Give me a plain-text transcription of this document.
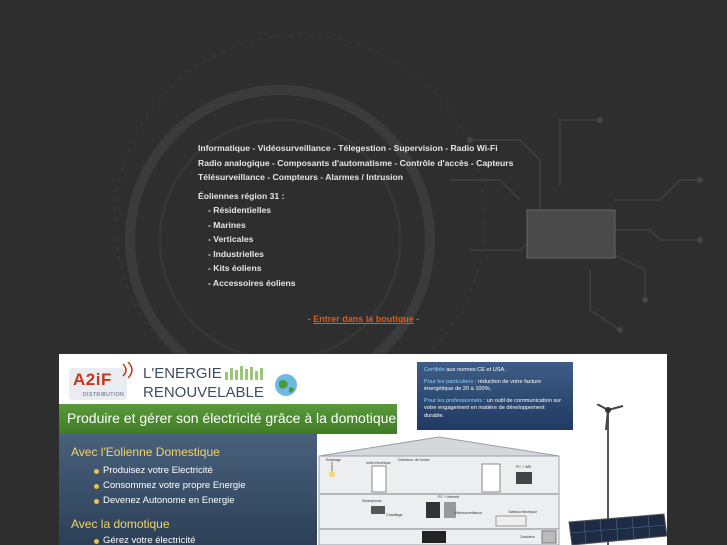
Informatique - Vidéosurveillance - Télegestion - Supervision - Radio Wi-Fi
Radio analogique - Composants d'automatisme - Contrôle d'accès - Capteurs
Télésurveillance - Compteurs - Alarmes / Intrusion
Éoliennes région 31 :
- Résidentielles
- Marines
- Verticales
- Industrielles
- Kits éoliens
- Accessoires éoliens
- Entrer dans la boutique -
A2iF
DISTRIBUTION
L'ENERGIE
RENOUVELABLE

Certifiée aux normes CE et USA.

Pour les particuliers : réduction de votre facture énergétique de 20 à 100%.

Pour les professionnels : un outil de communication sur votre engagement en matière de développement durable.

Produire et gérer son électricité grâce à la domotique
Avec l'Eolienne Domestique
Produisez votre Electricité
Consommez votre propre Energie
Devenez Autonome en Energie
Avec la domotique
Gérez votre électricité
Eclairage
Volet électrique
Détecteur de fumée
Smartphone
Chauffage
PC + Internet
PC + Wifi
Vidéosurveillance	Tableau électrique
TV + Console
Onduleur
